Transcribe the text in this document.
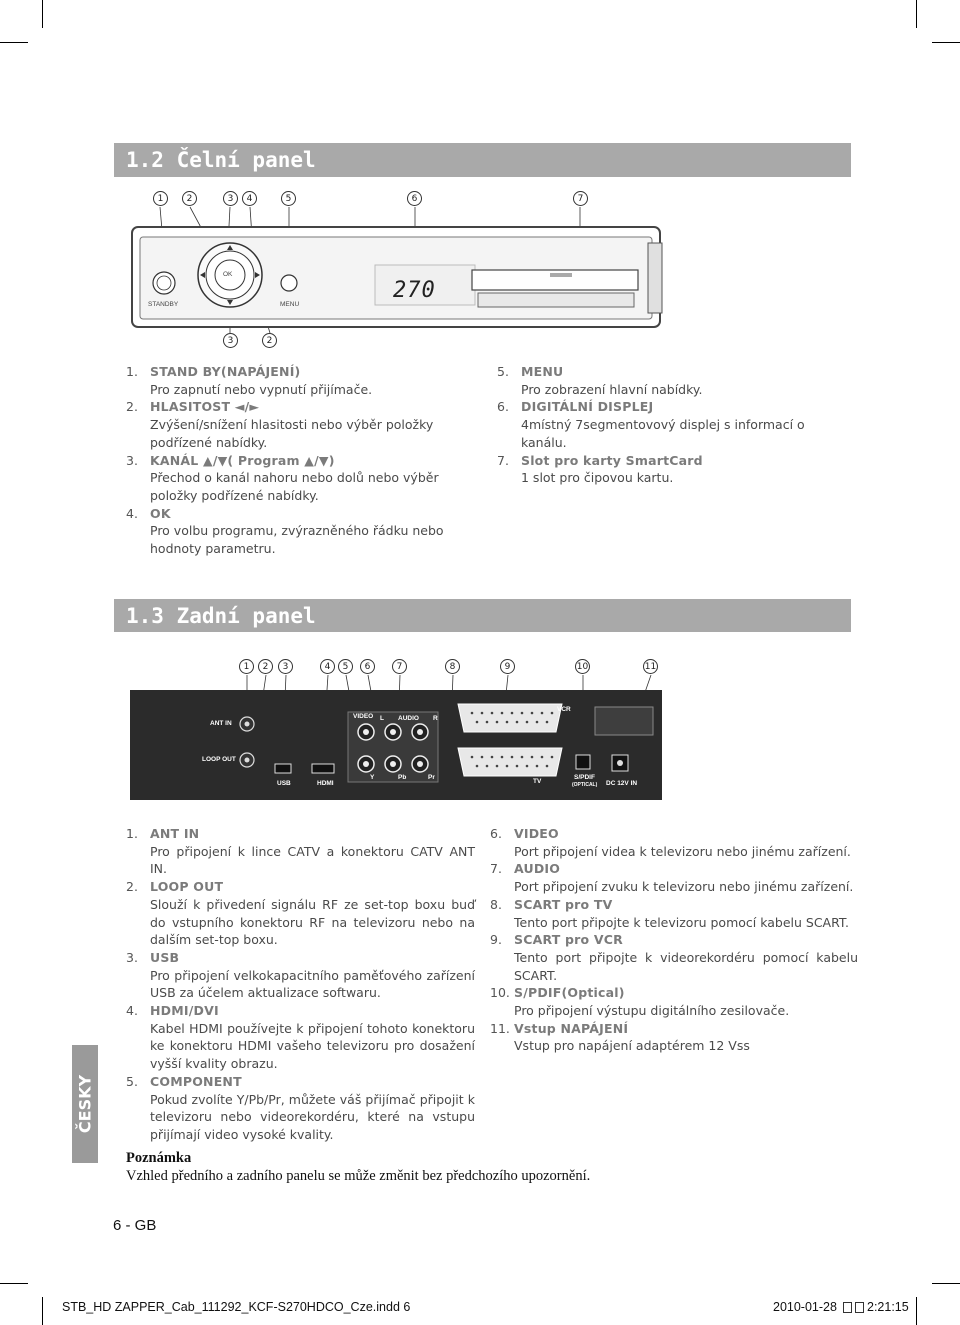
1.2 Čelní panel
1	2	3	4	5	6	7
3	2
OK
STANDBY	MENU
270
1. STAND BY(NAPÁJENÍ)
Pro zapnutí nebo vypnutí přijímače.
2. HLASITOST ◄/►
Zvýšení/snížení hlasitosti nebo výběr položky podřízené nabídky.
3. KANÁL ▲/▼( Program ▲/▼)
Přechod o kanál nahoru nebo dolů nebo výběr položky podřízené nabídky.
4. OK
Pro volbu programu, zvýrazněného řádku nebo hodnoty parametru.
5. MENU
Pro zobrazení hlavní nabídky.
6. DIGITÁLNÍ DISPLEJ
4místný 7segmentovový displej s informací o kanálu.
7. Slot pro karty SmartCard
1 slot pro čipovou kartu.
1.3 Zadní panel
1	2	3	4	5	6	7	8	9	10	11
ANT IN
LOOP OUT
USB	HDMI
VIDEO	AUDIO
L	R
Y	Pb	Pr
VCR
TV
S/PDIF
(OPTICAL) DC 12V IN
1. ANT IN
Pro připojení k lince CATV a konektoru CATV ANT IN.
2. LOOP OUT
Slouží k přivedení signálu RF ze set-top boxu buď do vstupního konektoru RF na televizoru nebo na dalším set-top boxu.
3. USB
Pro připojení velkokapacitního paměťového zařízení USB za účelem aktualizace softwaru.
4. HDMI/DVI
Kabel HDMI používejte k připojení tohoto konektoru ke konektoru HDMI vašeho televizoru pro dosažení vyšší kvality obrazu.
5. COMPONENT
Pokud zvolíte Y/Pb/Pr, můžete váš přijímač připojit k televizoru nebo videorekordéru, které na vstupu přijímají video vysoké kvality.
6. VIDEO
Port připojení videa k televizoru nebo jinému zařízení.
7. AUDIO
Port připojení zvuku k televizoru nebo jinému zařízení.
8. SCART pro TV
Tento port připojte k televizoru pomocí kabelu SCART.
9. SCART pro VCR
Tento port připojte k videorekordéru pomocí kabelu SCART.
10. S/PDIF(Optical)
Pro připojení výstupu digitálního zesilovače.
11. Vstup NAPÁJENÍ
Vstup pro napájení adaptérem 12 Vss
ČESKY
Poznámka
Vzhled předního a zadního panelu se může změnit bez předchozího upozornění.
6 - GB
STB_HD ZAPPER_Cab_111292_KCF-S270HDCO_Cze.indd 6	2010-01-28 2:21:15
